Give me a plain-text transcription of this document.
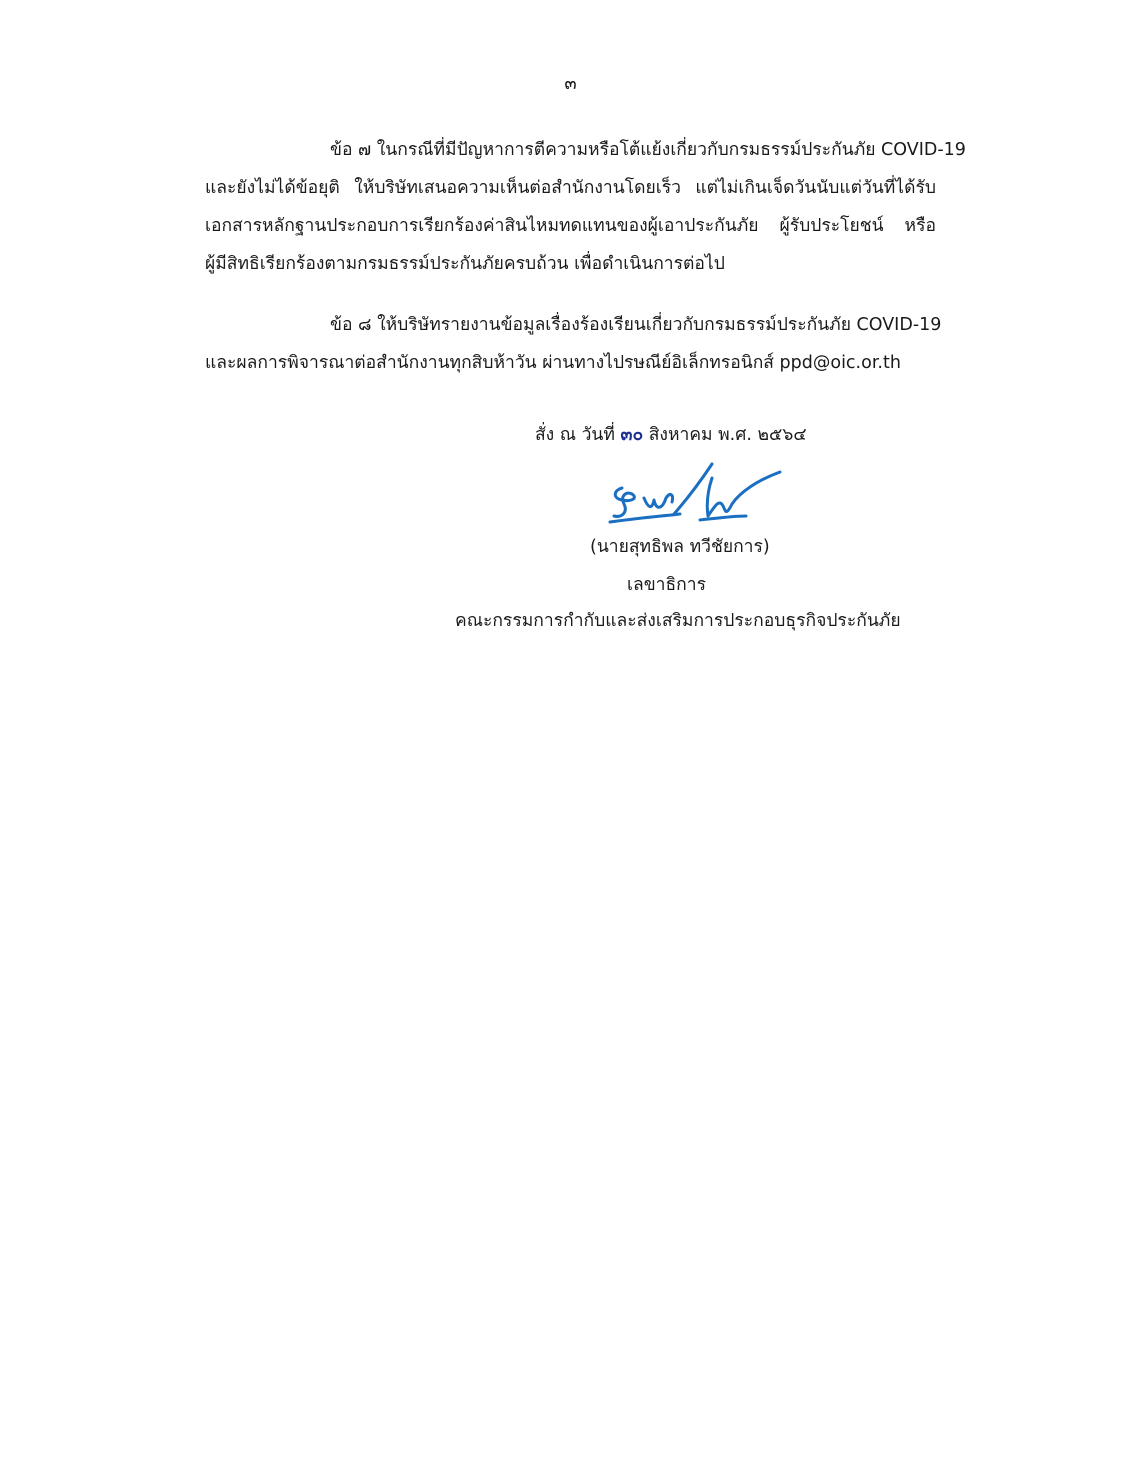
๓
ข้อ ๗ ในกรณีที่มีปัญหาการตีความหรือโต้แย้งเกี่ยวกับกรมธรรม์ประกันภัย COVID-19
และยังไม่ได้ข้อยุติ ให้บริษัทเสนอความเห็นต่อสำนักงานโดยเร็ว แต่ไม่เกินเจ็ดวันนับแต่วันที่ได้รับ
เอกสารหลักฐานประกอบการเรียกร้องค่าสินไหมทดแทนของผู้เอาประกันภัย ผู้รับประโยชน์ หรือ
ผู้มีสิทธิเรียกร้องตามกรมธรรม์ประกันภัยครบถ้วน เพื่อดำเนินการต่อไป
ข้อ ๘ ให้บริษัทรายงานข้อมูลเรื่องร้องเรียนเกี่ยวกับกรมธรรม์ประกันภัย COVID-19
และผลการพิจารณาต่อสำนักงานทุกสิบห้าวัน ผ่านทางไปรษณีย์อิเล็กทรอนิกส์ ppd@oic.or.th
สั่ง ณ วันที่ ๓๐ สิงหาคม พ.ศ. ๒๕๖๔
(นายสุทธิพล ทวีชัยการ)
เลขาธิการ
คณะกรรมการกำกับและส่งเสริมการประกอบธุรกิจประกันภัย
